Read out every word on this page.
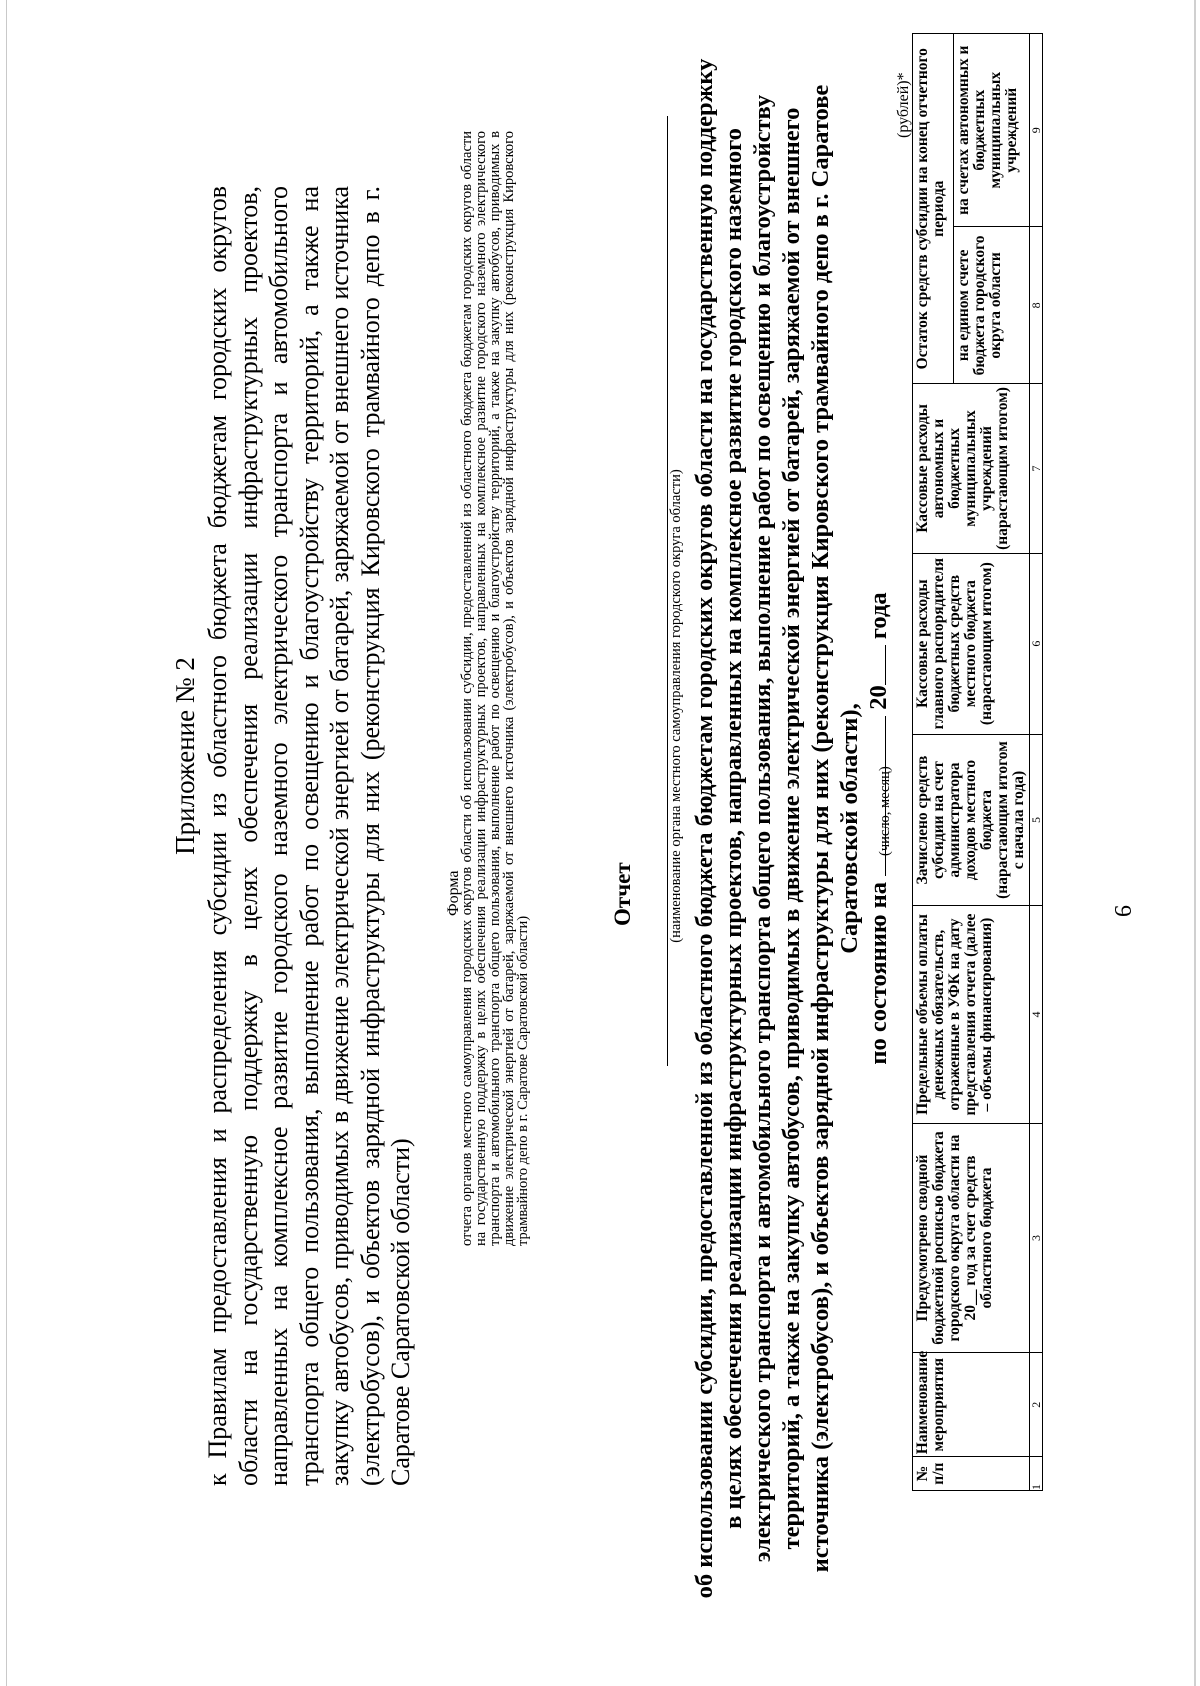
Приложение № 2 к Правилам предоставления и распределения субсидии из областного бюджета бюджетам городских округов области на государственную поддержку в целях обеспечения реализации инфраструктурных проектов, направленных на комплексное развитие городского наземного электрического транспорта и автомобильного транспорта общего пользования, выполнение работ по освещению и благоустройству территорий, а также на закупку автобусов, приводимых в движение электрической энергией от батарей, заряжаемой от внешнего источника (электробусов), и объектов зарядной инфраструктуры для них (реконструкция Кировского трамвайного депо в г. Саратове Саратовской области)
Форма
отчета органов местного самоуправления городских округов области об использовании субсидии, предоставленной из областного бюджета бюджетам городских округов области на государственную поддержку в целях обеспечения реализации инфраструктурных проектов, направленных на комплексное развитие городского наземного электрического транспорта и автомобильного транспорта общего пользования, выполнение работ по освещению и благоустройству территорий, а также на закупку автобусов, приводимых в движение электрической энергией от батарей, заряжаемой от внешнего источника (электробусов), и объектов зарядной инфраструктуры для них (реконструкция Кировского трамвайного депо в г. Саратове Саратовской области)
Отчет (наименование органа местного самоуправления городского округа области) об использовании субсидии, предоставленной из областного бюджета бюджетам городских округов области на государственную поддержку в целях обеспечения реализации инфраструктурных проектов, направленных на комплексное развитие городского наземного электрического транспорта и автомобильного транспорта общего пользования, выполнение работ по освещению и благоустройству территорий, а также на закупку автобусов, приводимых в движение электрической энергией от батарей, заряжаемой от внешнего источника (электробусов), и объектов зарядной инфраструктуры для них (реконструкция Кировского трамвайного депо в г. Саратове Саратовской области),
по состоянию на  20 года
(число, месяц)
(рублей)*
№ п/п	Наименование мероприятия	Предусмотрено сводной бюджетной росписью бюджета городского округа области на 20__ год за счет средств областного бюджета	Предельные объемы оплаты денежных обязательств, отраженные в УФК на дату представления отчета (далее – объемы финансирования)	Зачислено средств субсидии на счет администратора доходов местного бюджета (нарастающим итогом с начала года)	Кассовые расходы главного распорядителя бюджетных средств местного бюджета (нарастающим итогом)	Кассовые расходы автономных и бюджетных муниципальных учреждений (нарастающим итогом)	Остаток средств субсидии на конец отчетного периода	
							на едином счете бюджета городского округа области	на счетах автономных и бюджетных муниципальных учреждений
1	2	3	4	5	6	7	8	9
9
